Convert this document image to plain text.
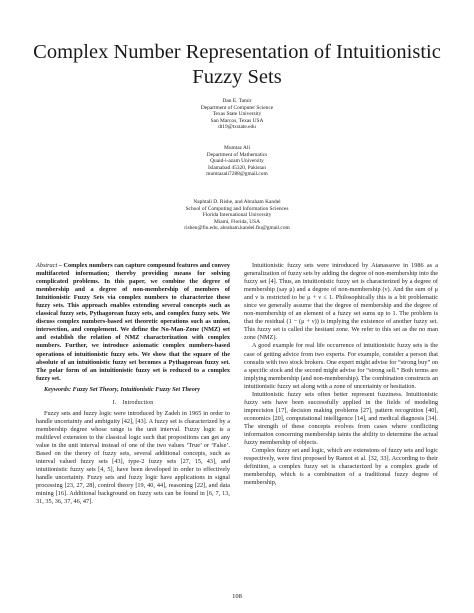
Complex Number Representation of Intuitionistic
Fuzzy Sets
Dan E. Tamir
Department of Computer Science
Texas State University
San Marcos, Texas USA
dt19@txstate.edu
Mumtaz Ali
Department of Mathematics
Quaid-i-azam University
Islamabad 45320, Pakistan
mumtazali7288@gmail.com
Naphtali D. Rishe, and Abraham Kandel
School of Computing and Information Sciences
Florida International University
Miami, Florida, USA
rishen@fiu.edu, abraham.kandel.fiu@gmail.com

Abstract – Complex numbers can capture compound features and convey multifaceted information; thereby providing means for solving complicated problems. In this paper, we combine the degree of membership and a degree of non-membership of members of Intuitionistic Fuzzy Sets via complex numbers to characterize these fuzzy sets. This approach enables extending several concepts such as classical fuzzy sets, Pythagorean fuzzy sets, and complex fuzzy sets. We discuss complex numbers-based set theoretic operations such as union, intersection, and complement. We define the No-Man-Zone (NMZ) set and establish the relation of NMZ characterization with complex numbers. Further, we introduce axiomatic complex numbers-based operations of intuitionistic fuzzy sets. We show that the square of the absolute of an intuitionistic fuzzy set becomes a Pythagorean fuzzy set. The polar form of an intuitionistic fuzzy set is reduced to a complex fuzzy set.

Keywords: Fuzzy Set Theory, Intuitionistic Fuzzy Set Theory

I. Introduction

Fuzzy sets and fuzzy logic were introduced by Zadeh in 1965 in order to handle uncertainty and ambiguity [42], [43]. A fuzzy set is characterized by a membership degree whose range is the unit interval. Fuzzy logic is a multilevel extension to the classical logic such that propositions can get any value in the unit interval instead of one of the two values ‘True’ or ‘False’. Based on the theory of fuzzy sets, several additional concepts, such as interval valued fuzzy sets [43], type-2 fuzzy sets [27, 15, 43], and intuitionistic fuzzy sets [4, 5], have been developed in order to effectively handle uncertainty. Fuzzy sets and fuzzy logic have applications in signal processing [23, 27, 28], control theory [19, 40, 44], reasoning [22], and data mining [16]. Additional background on fuzzy sets can be found in [6, 7, 13, 31, 35, 36, 37, 46, 47].

Intuitionistic fuzzy sets were introduced by Atanassove in 1986 as a generalization of fuzzy sets by adding the degree of non-membership into the fuzzy set [4]. Thus, an intuitionistic fuzzy set is characterized by a degree of membership (say μ) and a degree of non-membership (ν). And the sum of μ and ν is restricted to be μ + ν ≤ 1. Philosophically this is a bit problematic since we generally assume that the degree of membership and the degree of non-membership of an element of a fuzzy set sums up to 1. The problem is that the residual (1 − (μ + ν)) is implying the existence of another fuzzy set. This fuzzy set is called the hesitant zone. We refer to this set as the no man zone (NMZ).

A good example for real life occurrence of intuitionistic fuzzy sets is the case of getting advice from two experts. For example, consider a person that consults with two stock brokers. One expert might advise for “strong buy” on a specific stock and the second might advise for “strong sell.” Both terms are implying membership (and non-membership). The combination constructs an intuitionistic fuzzy set along with a zone of uncertainty or hesitation.

Intuitionistic fuzzy sets often better represent fuzziness. Intuitionistic fuzzy sets have been successfully applied in the fields of modeling imprecision [17], decision making problems [27], pattern recognition [40], economics [20], computational intelligence [14], and medical diagnosis [34]. The strength of these concepts evolves from cases where conflicting information concerning membership taints the ability to determine the actual fuzzy membership of objects.

Complex fuzzy set and logic, which are extensions of fuzzy sets and logic respectively, were first proposed by Ramot et al. [32, 33]. According to their definition, a complex fuzzy set is characterized by a complex grade of membership, which is a combination of a traditional fuzzy degree of membership,

108
